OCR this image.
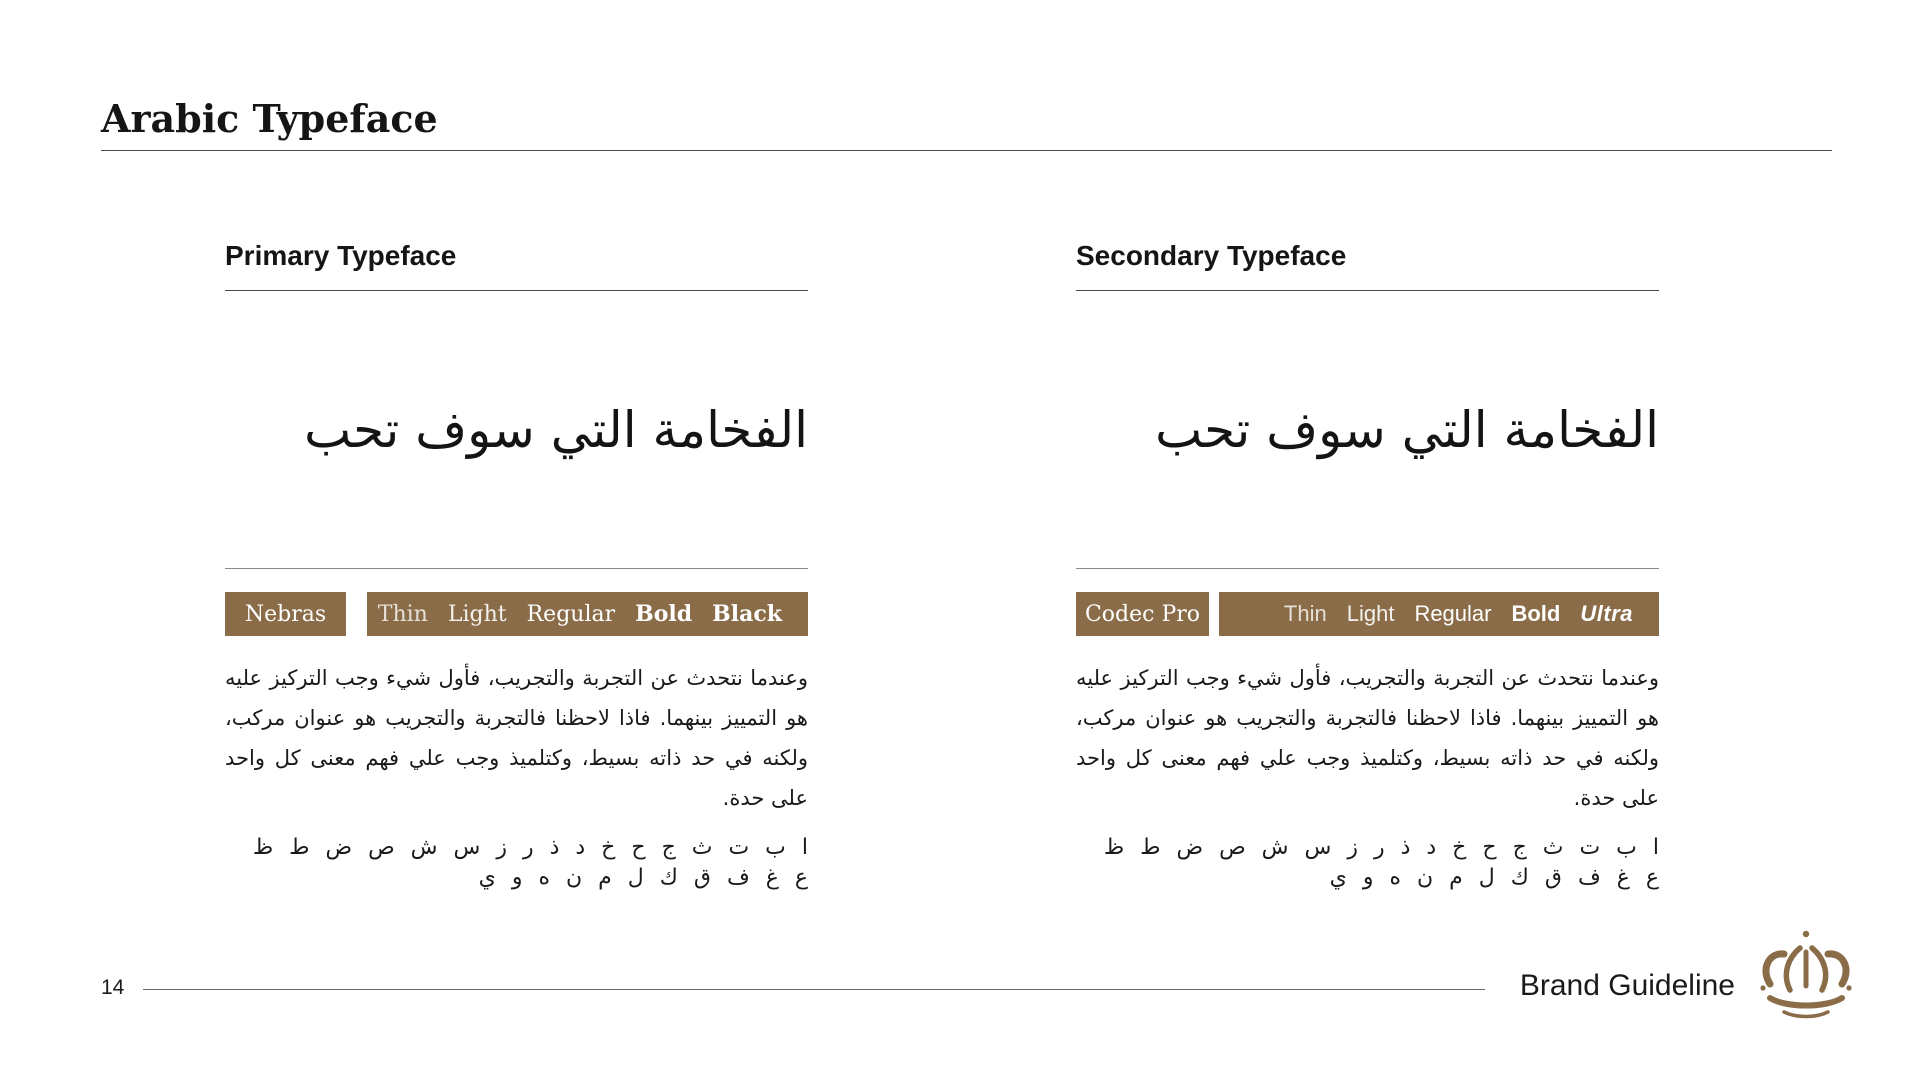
Arabic Typeface
Primary Typeface
الفخامة التي سوف تحب
Nebras Thin Light Regular Bold Black

وعندما نتحدث عن التجربة والتجريب، فأول شيء وجب التركيز عليه هو التمييز بينهما. فاذا لاحظنا فالتجربة والتجريب هو عنوان مركب، ولكنه في حد ذاته بسيط، وكتلميذ وجب علي فهم معنى كل واحد على حدة.

ا ب ت ث ج ح خ د ذ ر ز س ش ص ض ط ظ ع غ ف ق ك ل م ن ه و ي
Secondary Typeface
الفخامة التي سوف تحب
Codec Pro	Thin Light Regular Bold Ultra

وعندما نتحدث عن التجربة والتجريب، فأول شيء وجب التركيز عليه هو التمييز بينهما. فاذا لاحظنا فالتجربة والتجريب هو عنوان مركب، ولكنه في حد ذاته بسيط، وكتلميذ وجب علي فهم معنى كل واحد على حدة.

ا ب ت ث ج ح خ د ذ ر ز س ش ص ض ط ظ ع غ ف ق ك ل م ن ه و ي
14	Brand Guideline
